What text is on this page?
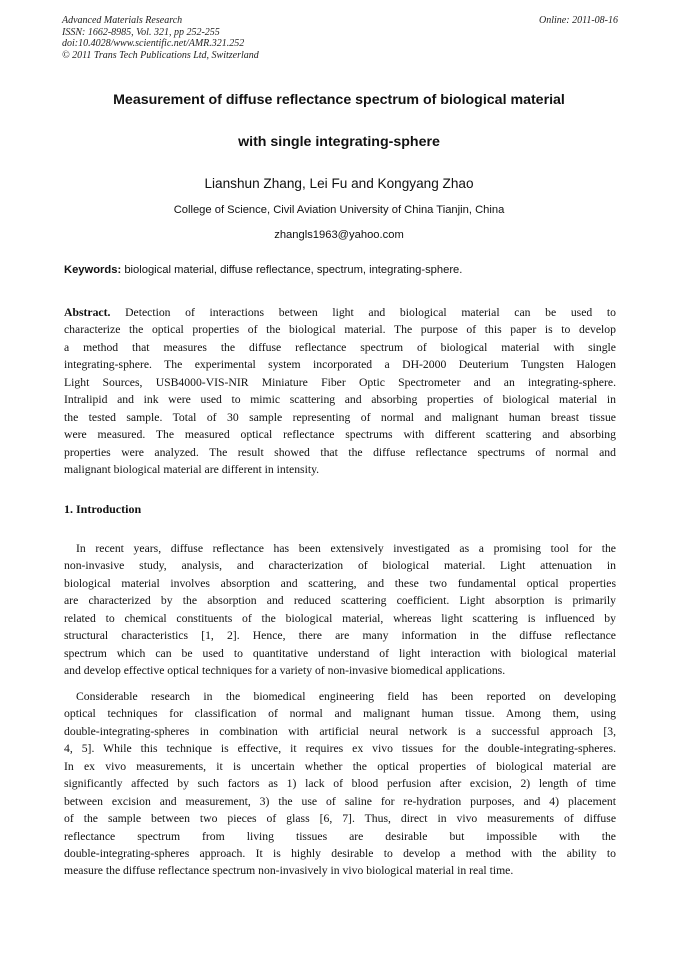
Advanced Materials Research
ISSN: 1662-8985, Vol. 321, pp 252-255
doi:10.4028/www.scientific.net/AMR.321.252
© 2011 Trans Tech Publications Ltd, Switzerland
Online: 2011-08-16
Measurement of diffuse reflectance spectrum of biological material
with single integrating-sphere
Lianshun Zhang, Lei Fu and Kongyang Zhao
College of Science, Civil Aviation University of China Tianjin, China
zhangls1963@yahoo.com
Keywords: biological material, diffuse reflectance, spectrum, integrating-sphere.
Abstract. Detection of interactions between light and biological material can be used to
characterize the optical properties of the biological material. The purpose of this paper is to develop
a method that measures the diffuse reflectance spectrum of biological material with single
integrating-sphere. The experimental system incorporated a DH-2000 Deuterium Tungsten Halogen
Light Sources, USB4000-VIS-NIR Miniature Fiber Optic Spectrometer and an integrating-sphere.
Intralipid and ink were used to mimic scattering and absorbing properties of biological material in
the tested sample. Total of 30 sample representing of normal and malignant human breast tissue
were measured. The measured optical reflectance spectrums with different scattering and absorbing
properties were analyzed. The result showed that the diffuse reflectance spectrums of normal and
malignant biological material are different in intensity.
1. Introduction
In recent years, diffuse reflectance has been extensively investigated as a promising tool for the
non-invasive study, analysis, and characterization of biological material. Light attenuation in
biological material involves absorption and scattering, and these two fundamental optical properties
are characterized by the absorption and reduced scattering coefficient. Light absorption is primarily
related to chemical constituents of the biological material, whereas light scattering is influenced by
structural characteristics [1, 2]. Hence, there are many information in the diffuse reflectance
spectrum which can be used to quantitative understand of light interaction with biological material
and develop effective optical techniques for a variety of non-invasive biomedical applications.
Considerable research in the biomedical engineering field has been reported on developing
optical techniques for classification of normal and malignant human tissue. Among them, using
double-integrating-spheres in combination with artificial neural network is a successful approach [3,
4, 5]. While this technique is effective, it requires ex vivo tissues for the double-integrating-spheres.
In ex vivo measurements, it is uncertain whether the optical properties of biological material are
significantly affected by such factors as 1) lack of blood perfusion after excision, 2) length of time
between excision and measurement, 3) the use of saline for re-hydration purposes, and 4) placement
of the sample between two pieces of glass [6, 7]. Thus, direct in vivo measurements of diffuse
reflectance spectrum from living tissues are desirable but impossible with the
double-integrating-spheres approach. It is highly desirable to develop a method with the ability to
measure the diffuse reflectance spectrum non-invasively in vivo biological material in real time.
